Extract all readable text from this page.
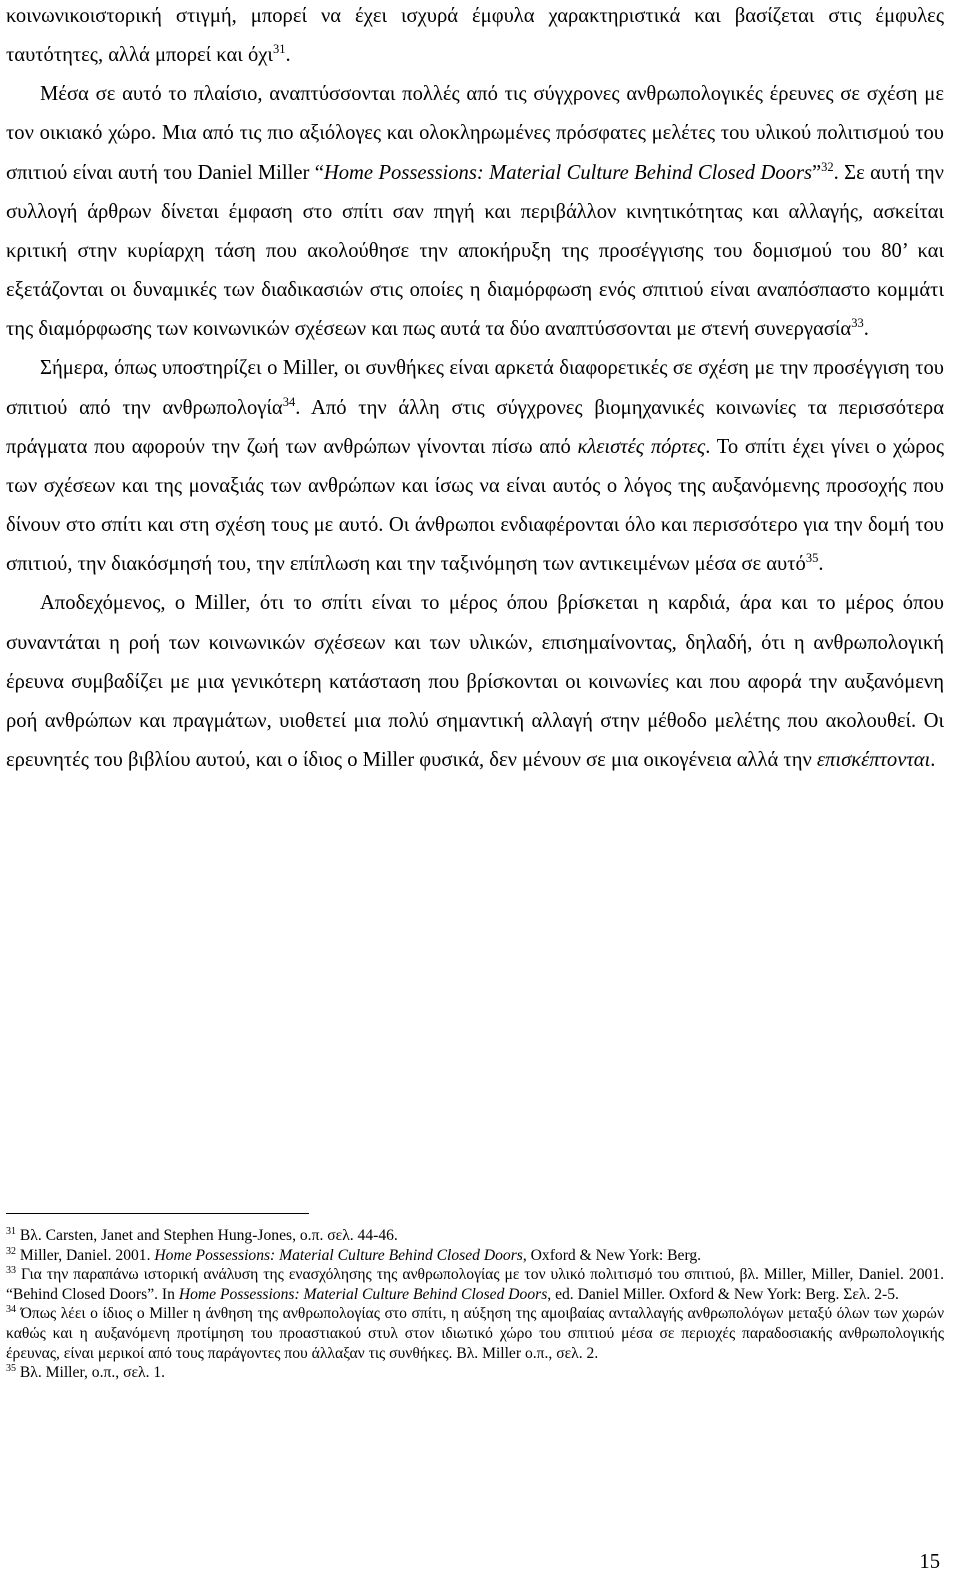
κοινωνικοιστορική στιγμή, μπορεί να έχει ισχυρά έμφυλα χαρακτηριστικά και βασίζεται στις έμφυλες ταυτότητες, αλλά μπορεί και όχι$^{31}$.

Μέσα σε αυτό το πλαίσιο, αναπτύσσονται πολλές από τις σύγχρονες ανθρωπολογικές έρευνες σε σχέση με τον οικιακό χώρο. Μια από τις πιο αξιόλογες και ολοκληρωμένες πρόσφατες μελέτες του υλικού πολιτισμού του σπιτιού είναι αυτή του Daniel Miller “Home Possessions: Material Culture Behind Closed Doors”$^{32}$. Σε αυτή την συλλογή άρθρων δίνεται έμφαση στο σπίτι σαν πηγή και περιβάλλον κινητικότητας και αλλαγής, ασκείται κριτική στην κυρίαρχη τάση που ακολούθησε την αποκήρυξη της προσέγγισης του δομισμού του 80’ και εξετάζονται οι δυναμικές των διαδικασιών στις οποίες η διαμόρφωση ενός σπιτιού είναι αναπόσπαστο κομμάτι της διαμόρφωσης των κοινωνικών σχέσεων και πως αυτά τα δύο αναπτύσσονται με στενή συνεργασία$^{33}$.

Σήμερα, όπως υποστηρίζει ο Miller, οι συνθήκες είναι αρκετά διαφορετικές σε σχέση με την προσέγγιση του σπιτιού από την ανθρωπολογία$^{34}$. Από την άλλη στις σύγχρονες βιομηχανικές κοινωνίες τα περισσότερα πράγματα που αφορούν την ζωή των ανθρώπων γίνονται πίσω από κλειστές πόρτες. Το σπίτι έχει γίνει ο χώρος των σχέσεων και της μοναξιάς των ανθρώπων και ίσως να είναι αυτός ο λόγος της αυξανόμενης προσοχής που δίνουν στο σπίτι και στη σχέση τους με αυτό. Οι άνθρωποι ενδιαφέρονται όλο και περισσότερο για την δομή του σπιτιού, την διακόσμησή του, την επίπλωση και την ταξινόμηση των αντικειμένων μέσα σε αυτό$^{35}$.

Αποδεχόμενος, ο Miller, ότι το σπίτι είναι το μέρος όπου βρίσκεται η καρδιά, άρα και το μέρος όπου συναντάται η ροή των κοινωνικών σχέσεων και των υλικών, επισημαίνοντας, δηλαδή, ότι η ανθρωπολογική έρευνα συμβαδίζει με μια γενικότερη κατάσταση που βρίσκονται οι κοινωνίες και που αφορά την αυξανόμενη ροή ανθρώπων και πραγμάτων, υιοθετεί μια πολύ σημαντική αλλαγή στην μέθοδο μελέτης που ακολουθεί. Οι ερευνητές του βιβλίου αυτού, και ο ίδιος ο Miller φυσικά, δεν μένουν σε μια οικογένεια αλλά την επισκέπτονται.

$^{31}$ Βλ. Carsten, Janet and Stephen Hung-Jones, ο.π. σελ. 44-46.

$^{32}$ Miller, Daniel. 2001. Home Possessions: Material Culture Behind Closed Doors, Oxford & New York: Berg.

$^{33}$ Για την παραπάνω ιστορική ανάλυση της ενασχόλησης της ανθρωπολογίας με τον υλικό πολιτισμό του σπιτιού, βλ. Miller, Miller, Daniel. 2001. “Behind Closed Doors”. In Home Possessions: Material Culture Behind Closed Doors, ed. Daniel Miller. Oxford & New York: Berg. Σελ. 2-5.

$^{34}$ Όπως λέει ο ίδιος ο Miller η άνθηση της ανθρωπολογίας στο σπίτι, η αύξηση της αμοιβαίας ανταλλαγής ανθρωπολόγων μεταξύ όλων των χωρών καθώς και η αυξανόμενη προτίμηση του προαστιακού στυλ στον ιδιωτικό χώρο του σπιτιού μέσα σε περιοχές παραδοσιακής ανθρωπολογικής έρευνας, είναι μερικοί από τους παράγοντες που άλλαξαν τις συνθήκες. Βλ. Miller ο.π., σελ. 2.

$^{35}$ Βλ. Miller, ο.π., σελ. 1.

15
